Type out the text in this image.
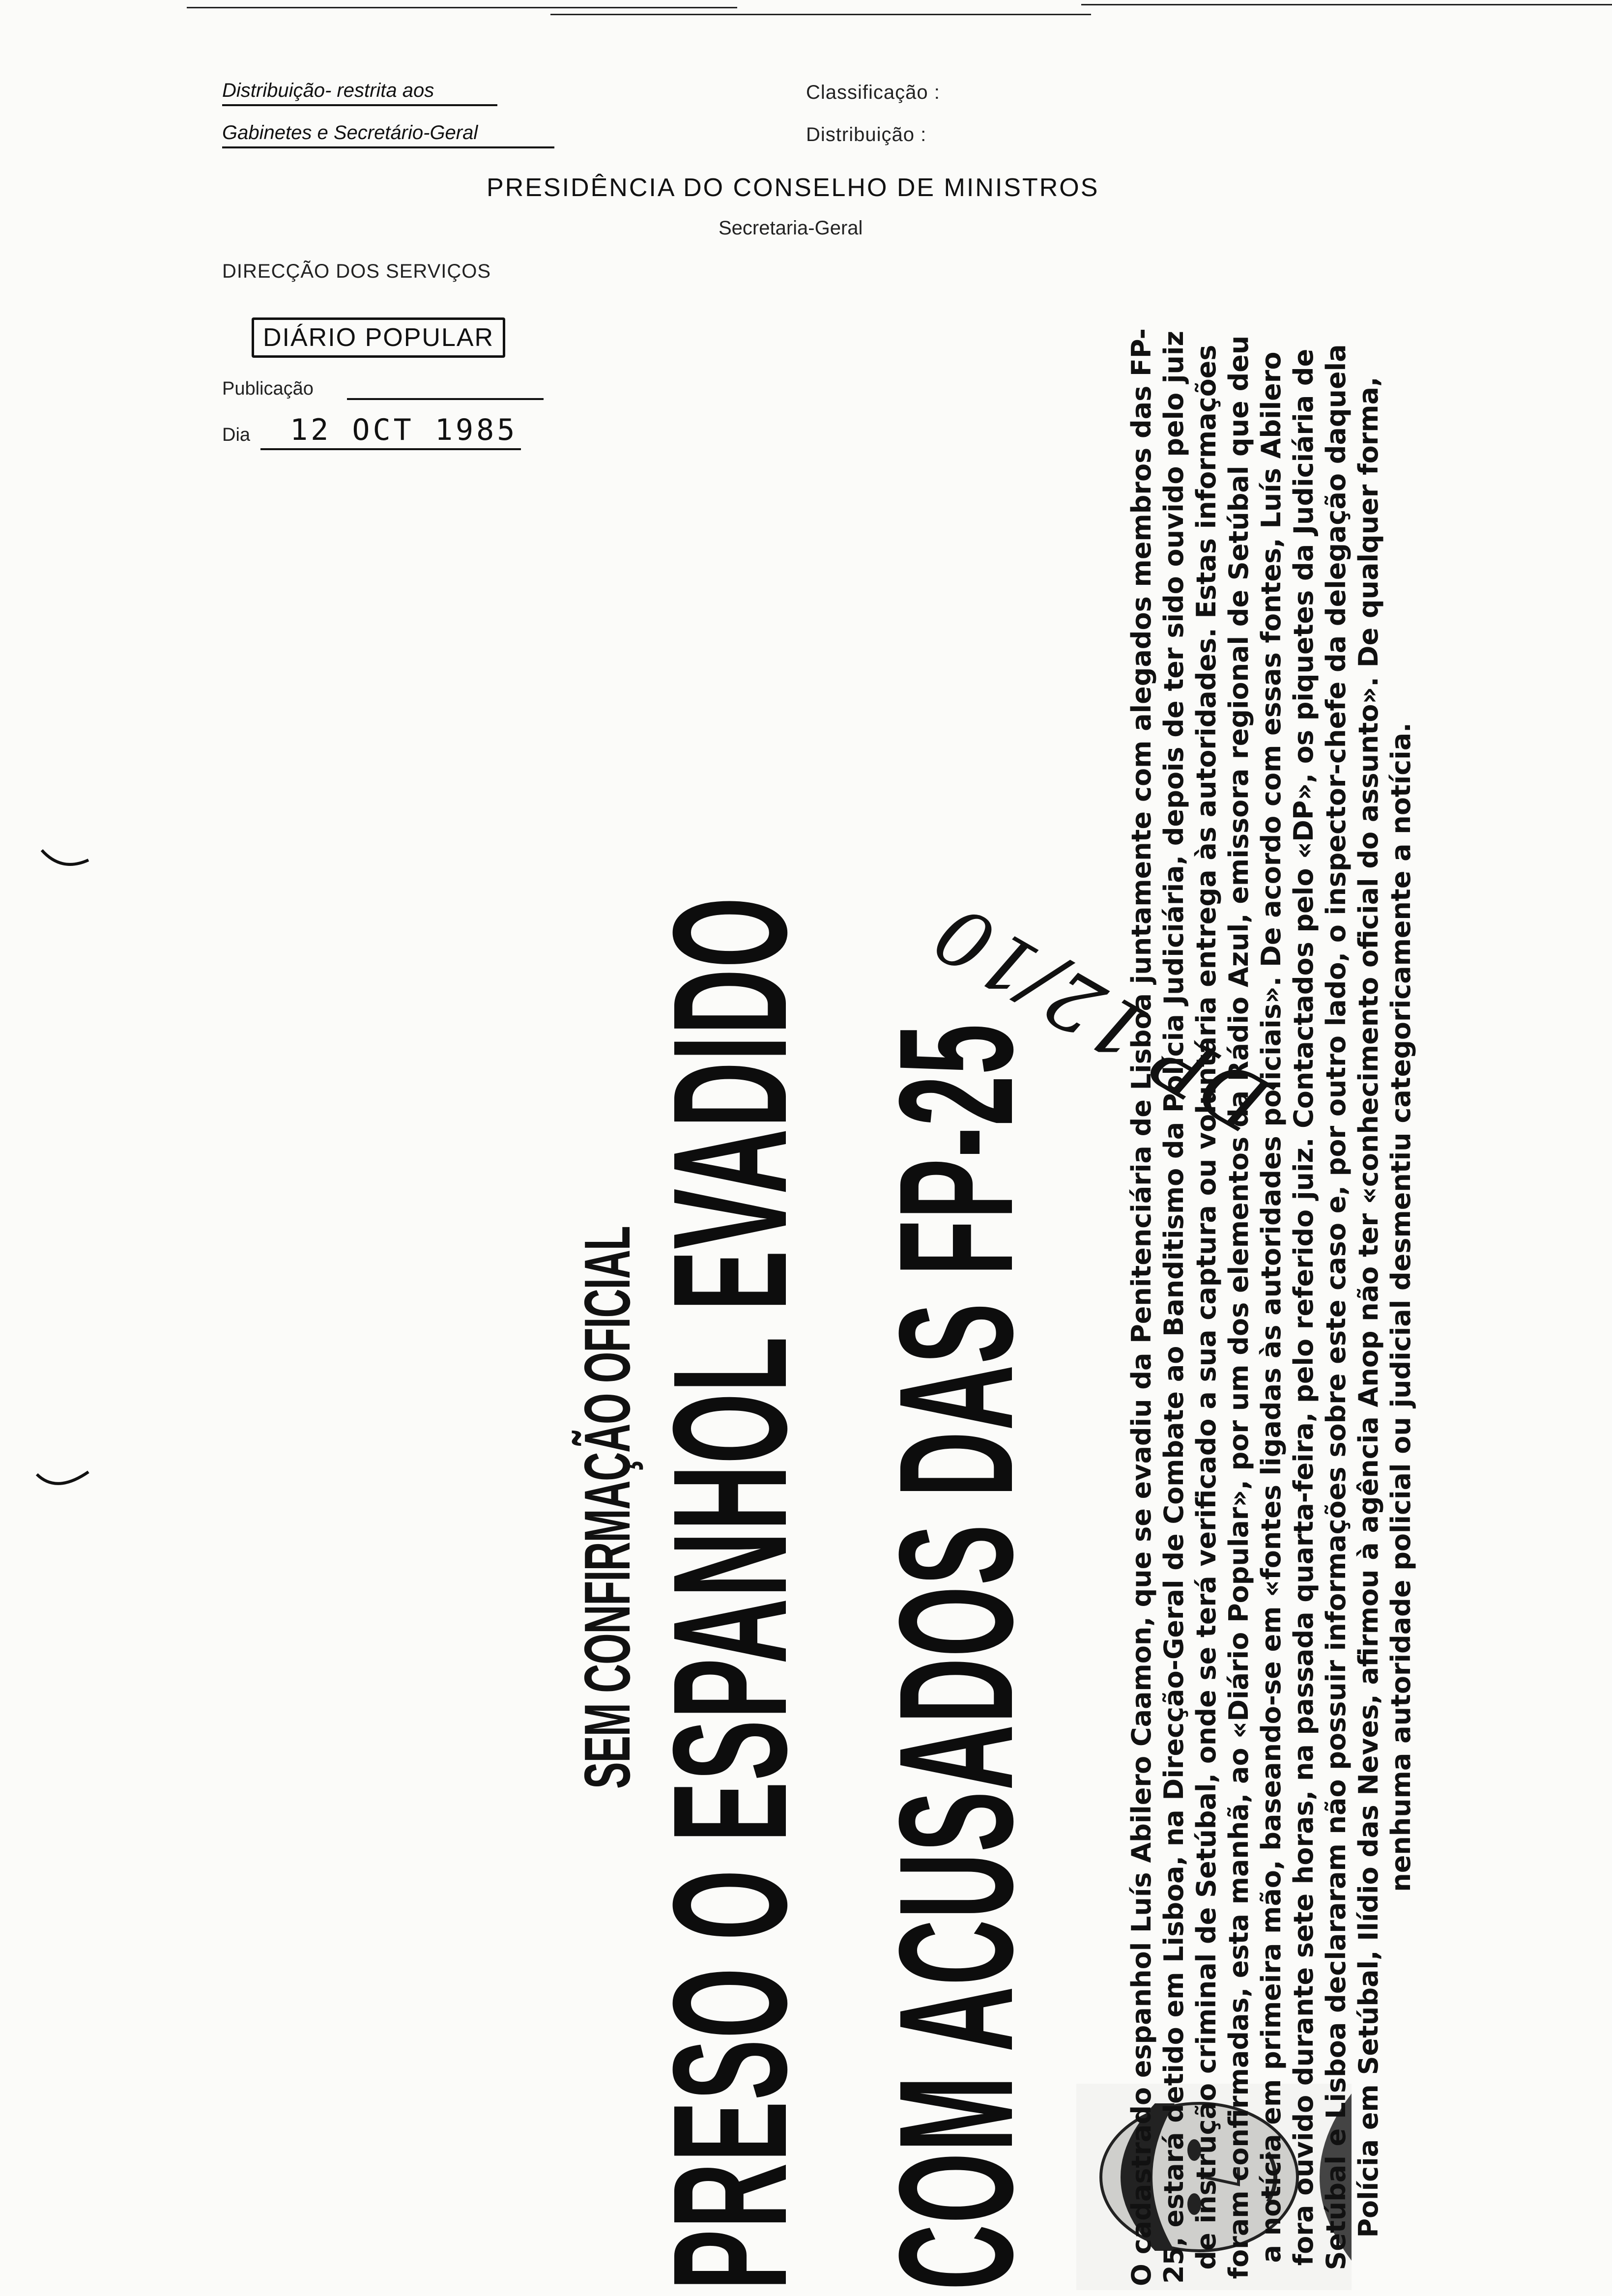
Distribuição- restrita aos
Gabinetes e Secretário-Geral
Classificação :
Distribuição :
PRESIDÊNCIA DO CONSELHO DE MINISTROS
Secretaria-Geral
DIRECÇÃO DOS SERVIÇOS
DIÁRIO POPULAR
Publicação
Dia 12 OCT 1985
SEM CONFIRMAÇÃO OFICIAL
PRESO O ESPANHOL EVADIDO COM ACUSADOS DAS FP-25	O cadastrado espanhol Luís Abilero Caamon, que se evadiu da Penitenciária de Lisboa juntamente com alegados membros das FP-25, estará detido em Lisboa, na Direcção-Geral de Combate ao Banditismo da Polícia Judiciária, depois de ter sido ouvido pelo juiz de instrução criminal de Setúbal, onde se terá verificado a sua captura ou voluntária entrega às autoridades. Estas informações foram confirmadas, esta manhã, ao «Diário Popular», por um dos elementos da Rádio Azul, emissora regional de Setúbal que deu a notícia em primeira mão, baseando-se em «fontes ligadas às autoridades policiais». De acordo com essas fontes, Luís Abilero fora ouvido durante sete horas, na passada quarta-feira, pelo referido juiz. Contactados pelo «DP», os piquetes da Judiciária de Setúbal e Lisboa declararam não possuir informações sobre este caso e, por outro lado, o inspector-chefe da delegação daquela Polícia em Setúbal, Ilídio das Neves, afirmou à agência Anop não ter «conhecimento oficial do assunto». De qualquer forma, nenhuma autoridade policial ou judicial desmentiu categoricamente a notícia.
DP 12/10
